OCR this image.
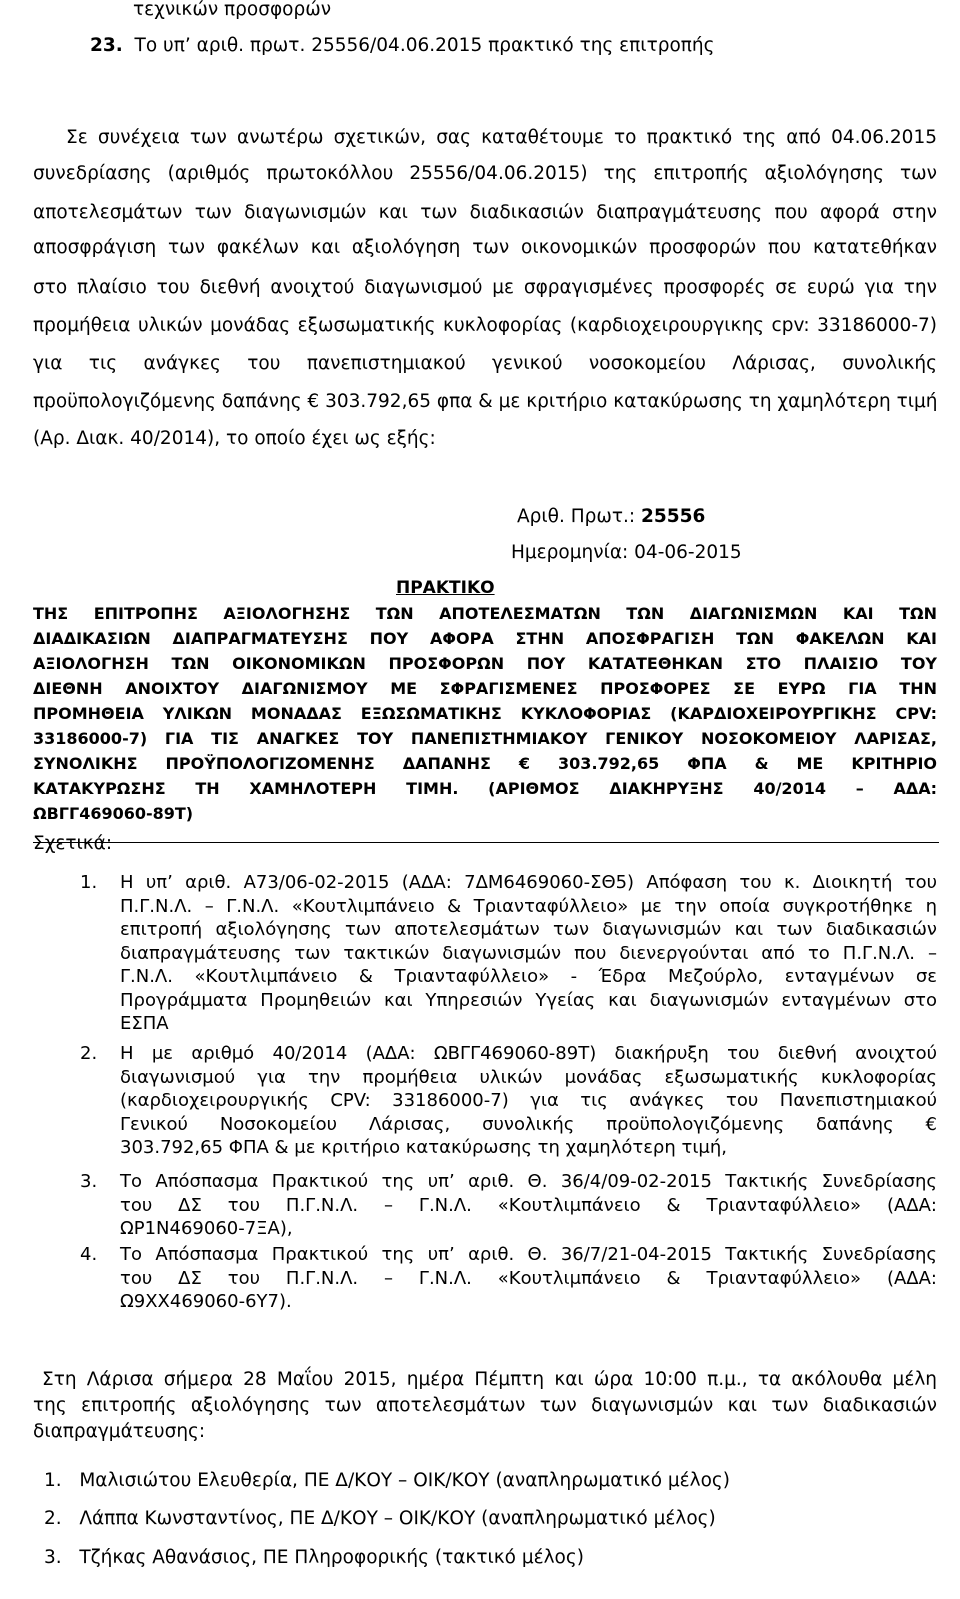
τεχνικών προσφορών
23. Το υπ’ αριθ. πρωτ. 25556/04.06.2015 πρακτικό της επιτροπής
Σε συνέχεια των ανωτέρω σχετικών, σας καταθέτουμε το πρακτικό της από 04.06.2015
συνεδρίασης (αριθμός πρωτοκόλλου 25556/04.06.2015) της επιτροπής αξιολόγησης των
αποτελεσμάτων των διαγωνισμών και των διαδικασιών διαπραγμάτευσης που αφορά στην
αποσφράγιση των φακέλων και αξιολόγηση των οικονομικών προσφορών που κατατεθήκαν
στο πλαίσιο του διεθνή ανοιχτού διαγωνισμού με σφραγισμένες προσφορές σε ευρώ για την
προμήθεια υλικών μονάδας εξωσωματικής κυκλοφορίας (καρδιοχειρουργικης cpv: 33186000-7)
για τις ανάγκες του πανεπιστημιακού γενικού νοσοκομείου Λάρισας, συνολικής
προϋπολογιζόμενης δαπάνης € 303.792,65 φπα & με κριτήριο κατακύρωσης τη χαμηλότερη τιμή
(Αρ. Διακ. 40/2014), το οποίο έχει ως εξής:
Αριθ. Πρωτ.: 25556
Ημερομηνία: 04-06-2015
ΠΡΑΚΤΙΚΟ
ΤΗΣ ΕΠΙΤΡΟΠΗΣ ΑΞΙΟΛΟΓΗΣΗΣ ΤΩΝ ΑΠΟΤΕΛΕΣΜΑΤΩΝ ΤΩΝ ΔΙΑΓΩΝΙΣΜΩΝ ΚΑΙ ΤΩΝ
ΔΙΑΔΙΚΑΣΙΩΝ ΔΙΑΠΡΑΓΜΑΤΕΥΣΗΣ ΠΟΥ ΑΦΟΡΑ ΣΤΗΝ ΑΠΟΣΦΡΑΓΙΣΗ ΤΩΝ ΦΑΚΕΛΩΝ ΚΑΙ
ΑΞΙΟΛΟΓΗΣΗ ΤΩΝ ΟΙΚΟΝΟΜΙΚΩΝ ΠΡΟΣΦΟΡΩΝ ΠΟΥ ΚΑΤΑΤΕΘΗΚΑΝ ΣΤΟ ΠΛΑΙΣΙΟ ΤΟΥ
ΔΙΕΘΝΗ ΑΝΟΙΧΤΟΥ ΔΙΑΓΩΝΙΣΜΟΥ ΜΕ ΣΦΡΑΓΙΣΜΕΝΕΣ ΠΡΟΣΦΟΡΕΣ ΣΕ ΕΥΡΩ ΓΙΑ ΤΗΝ
ΠΡΟΜΗΘΕΙΑ ΥΛΙΚΩΝ ΜΟΝΑΔΑΣ ΕΞΩΣΩΜΑΤΙΚΗΣ ΚΥΚΛΟΦΟΡΙΑΣ (ΚΑΡΔΙΟΧΕΙΡΟΥΡΓΙΚΗΣ CPV:
33186000-7) ΓΙΑ ΤΙΣ ΑΝΑΓΚΕΣ ΤΟΥ ΠΑΝΕΠΙΣΤΗΜΙΑΚΟΥ ΓΕΝΙΚΟΥ ΝΟΣΟΚΟΜΕΙΟΥ ΛΑΡΙΣΑΣ,
ΣΥΝΟΛΙΚΗΣ ΠΡΟΫΠΟΛΟΓΙΖΟΜΕΝΗΣ ΔΑΠΑΝΗΣ € 303.792,65 ΦΠΑ & ΜΕ ΚΡΙΤΗΡΙΟ
ΚΑΤΑΚΥΡΩΣΗΣ ΤΗ ΧΑΜΗΛΟΤΕΡΗ ΤΙΜΗ. (ΑΡΙΘΜΟΣ ΔΙΑΚΗΡΥΞΗΣ 40/2014 – ΑΔΑ:
ΩΒΓΓ469060-89Τ)
Σχετικά:
1. Η υπ’ αριθ. Α73/06-02-2015 (ΑΔΑ: 7ΔΜ6469060-ΣΘ5) Απόφαση του κ. Διοικητή του
Π.Γ.Ν.Λ. – Γ.Ν.Λ. «Κουτλιμπάνειο & Τριανταφύλλειο» με την οποία συγκροτήθηκε η
επιτροπή αξιολόγησης των αποτελεσμάτων των διαγωνισμών και των διαδικασιών
διαπραγμάτευσης των τακτικών διαγωνισμών που διενεργούνται από το Π.Γ.Ν.Λ. –
Γ.Ν.Λ. «Κουτλιμπάνειο & Τριανταφύλλειο» - Έδρα Μεζούρλο, ενταγμένων σε
Προγράμματα Προμηθειών και Υπηρεσιών Υγείας και διαγωνισμών ενταγμένων στο
ΕΣΠΑ
2. Η με αριθμό 40/2014 (ΑΔΑ: ΩΒΓΓ469060-89Τ) διακήρυξη του διεθνή ανοιχτού
διαγωνισμού για την προμήθεια υλικών μονάδας εξωσωματικής κυκλοφορίας
(καρδιοχειρουργικής CPV: 33186000-7) για τις ανάγκες του Πανεπιστημιακού
Γενικού Νοσοκομείου Λάρισας, συνολικής προϋπολογιζόμενης δαπάνης €
303.792,65 ΦΠΑ & με κριτήριο κατακύρωσης τη χαμηλότερη τιμή,
3. Το Απόσπασμα Πρακτικού της υπ’ αριθ. Θ. 36/4/09-02-2015 Τακτικής Συνεδρίασης
του ΔΣ του Π.Γ.Ν.Λ. – Γ.Ν.Λ. «Κουτλιμπάνειο & Τριανταφύλλειο» (ΑΔΑ:
ΩΡ1Ν469060-7ΞΑ),
4. Το Απόσπασμα Πρακτικού της υπ’ αριθ. Θ. 36/7/21-04-2015 Τακτικής Συνεδρίασης
του ΔΣ του Π.Γ.Ν.Λ. – Γ.Ν.Λ. «Κουτλιμπάνειο & Τριανταφύλλειο» (ΑΔΑ:
Ω9ΧΧ469060-6Υ7).
Στη Λάρισα σήμερα 28 Μαΐου 2015, ημέρα Πέμπτη και ώρα 10:00 π.μ., τα ακόλουθα μέλη
της επιτροπής αξιολόγησης των αποτελεσμάτων των διαγωνισμών και των διαδικασιών
διαπραγμάτευσης:
1. Μαλισιώτου Ελευθερία, ΠΕ Δ/ΚΟΥ – ΟΙΚ/ΚΟΥ (αναπληρωματικό μέλος)
2. Λάππα Κωνσταντίνος, ΠΕ Δ/ΚΟΥ – ΟΙΚ/ΚΟΥ (αναπληρωματικό μέλος)
3. Τζήκας Αθανάσιος, ΠΕ Πληροφορικής (τακτικό μέλος)
